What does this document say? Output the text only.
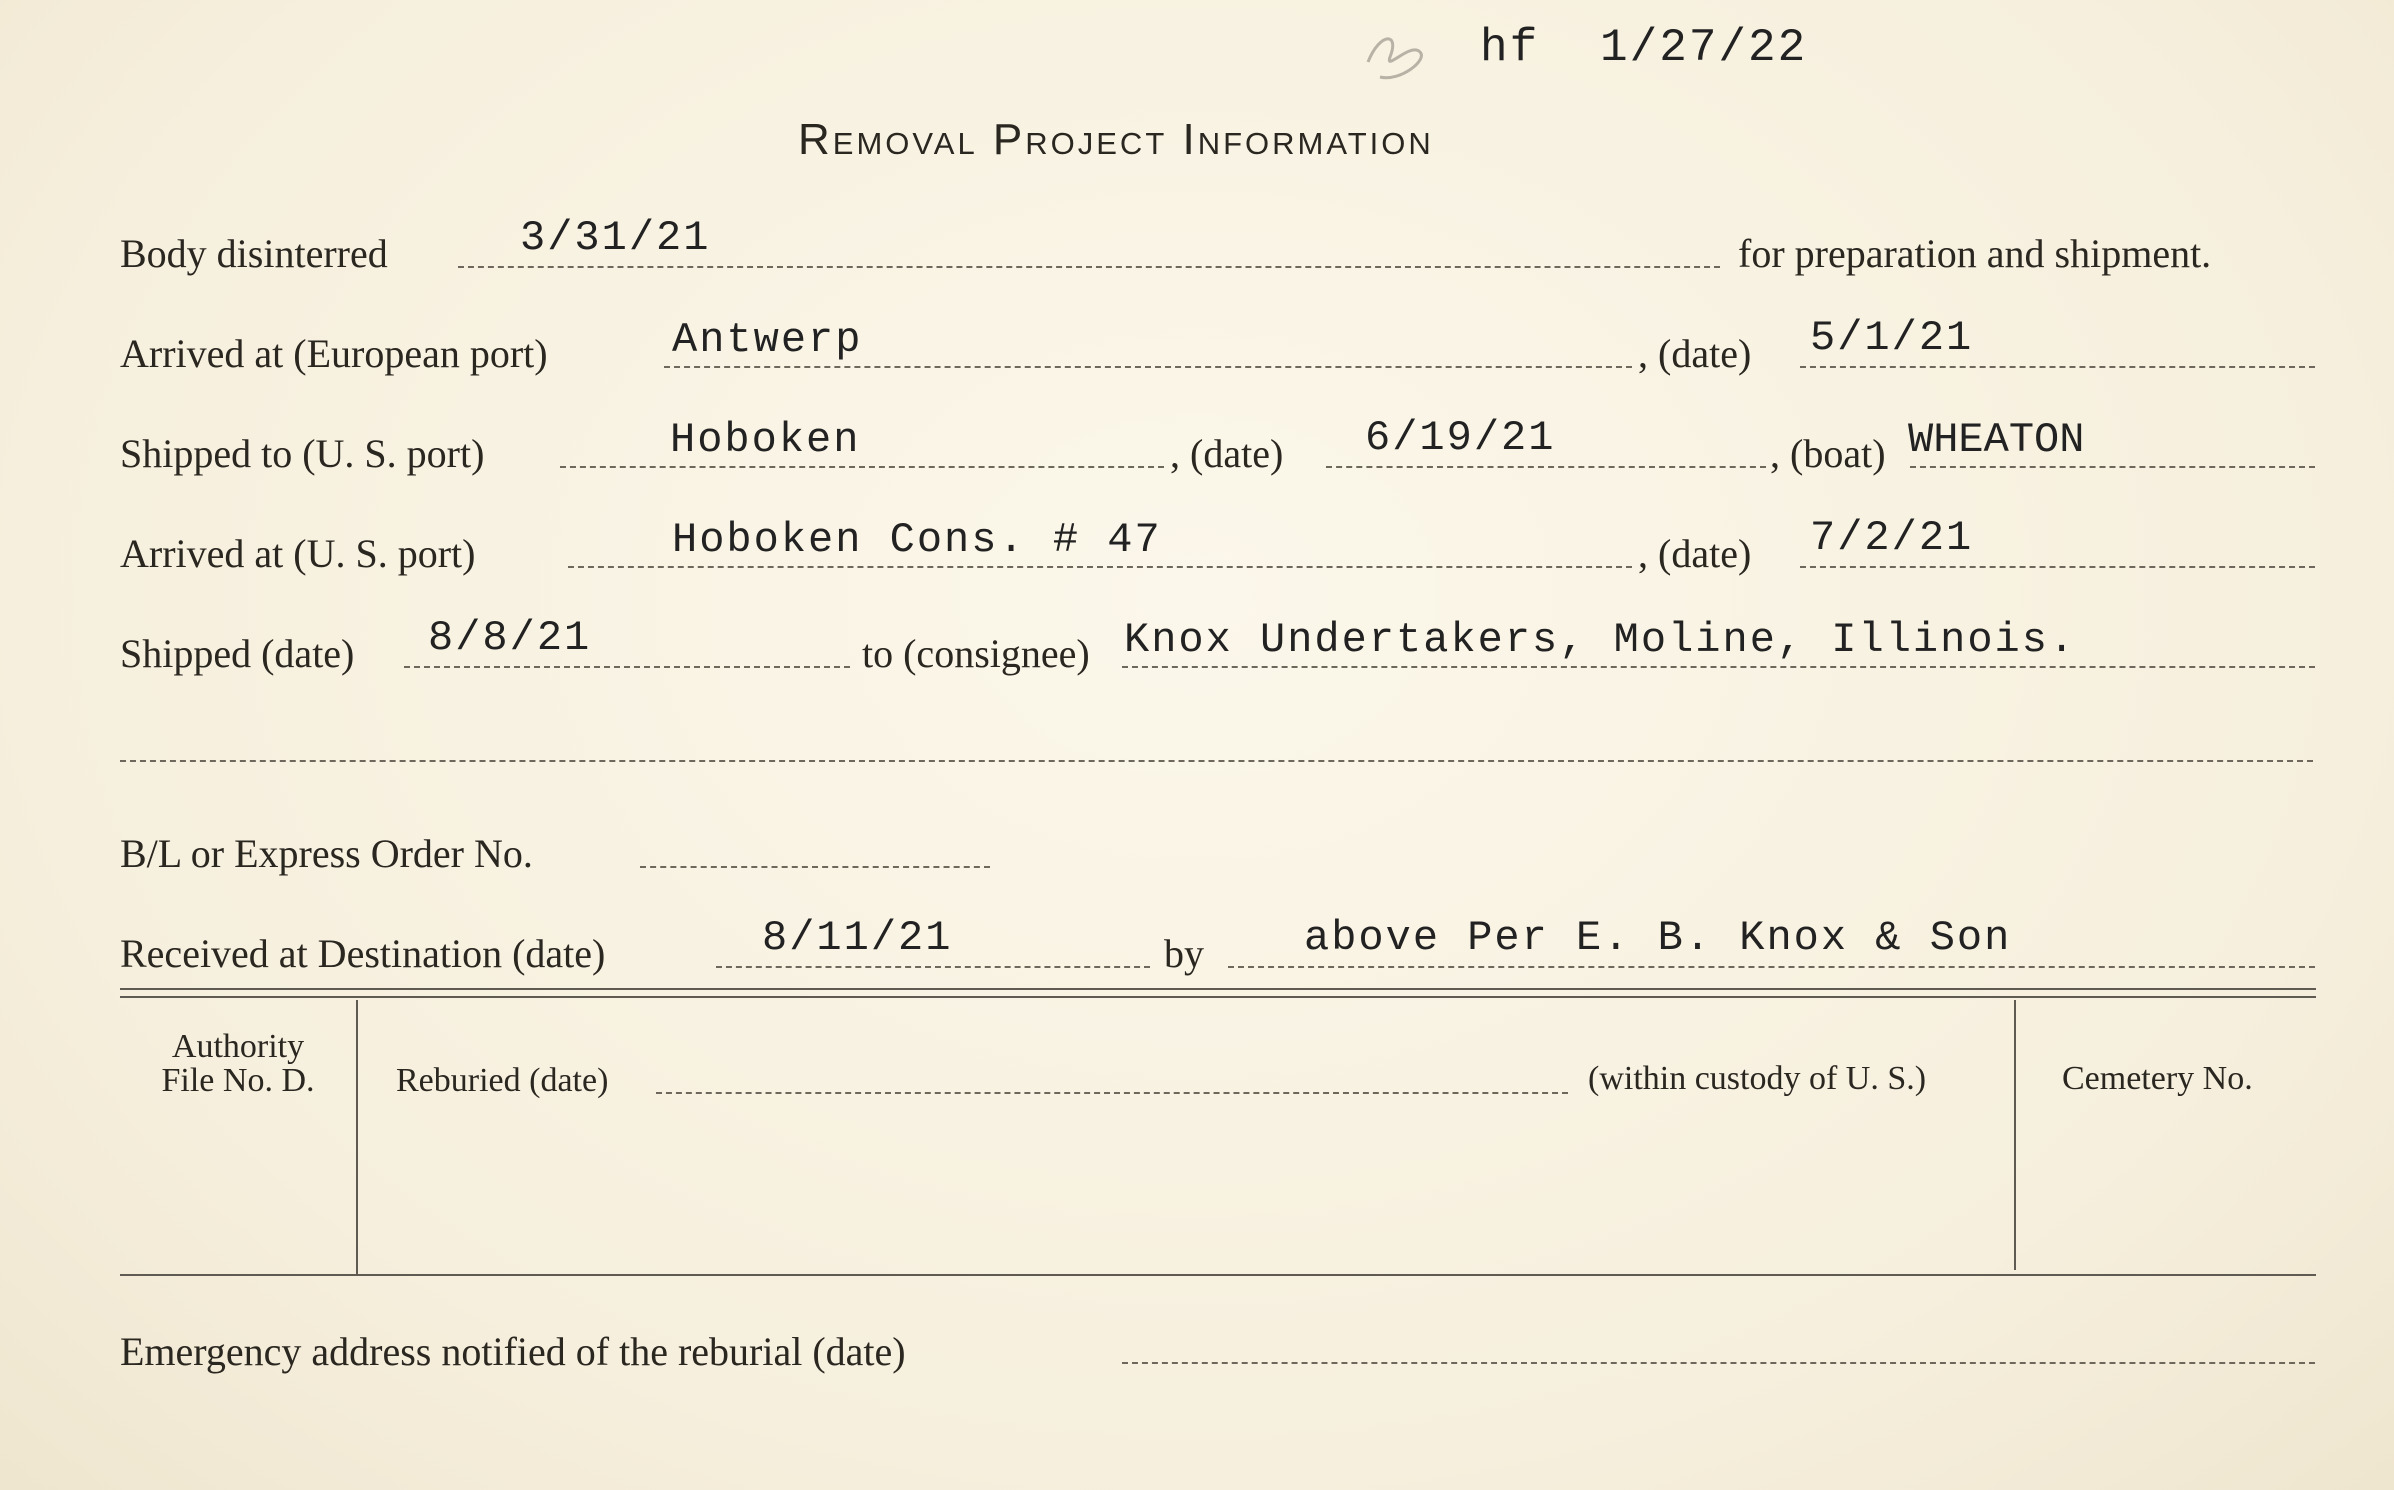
hf 1/27/22
Removal Project Information
Body disinterred	3/31/21	for preparation and shipment.
Arrived at (European port)	Antwerp	, (date) 5/1/21
Shipped to (U. S. port)	Hoboken	, (date) 6/19/21	, (boat) WHEATON
Arrived at (U. S. port)	Hoboken Cons. # 47	, (date) 7/2/21
Shipped (date) 8/8/21	to (consignee) Knox Undertakers, Moline, Illinois.
B/L or Express Order No.
Received at Destination (date)	8/11/21	by above Per E. B. Knox & Son
Authority
File No. D.	Reburied (date)	(within custody of U. S.)	Cemetery No.
Emergency address notified of the reburial (date)
